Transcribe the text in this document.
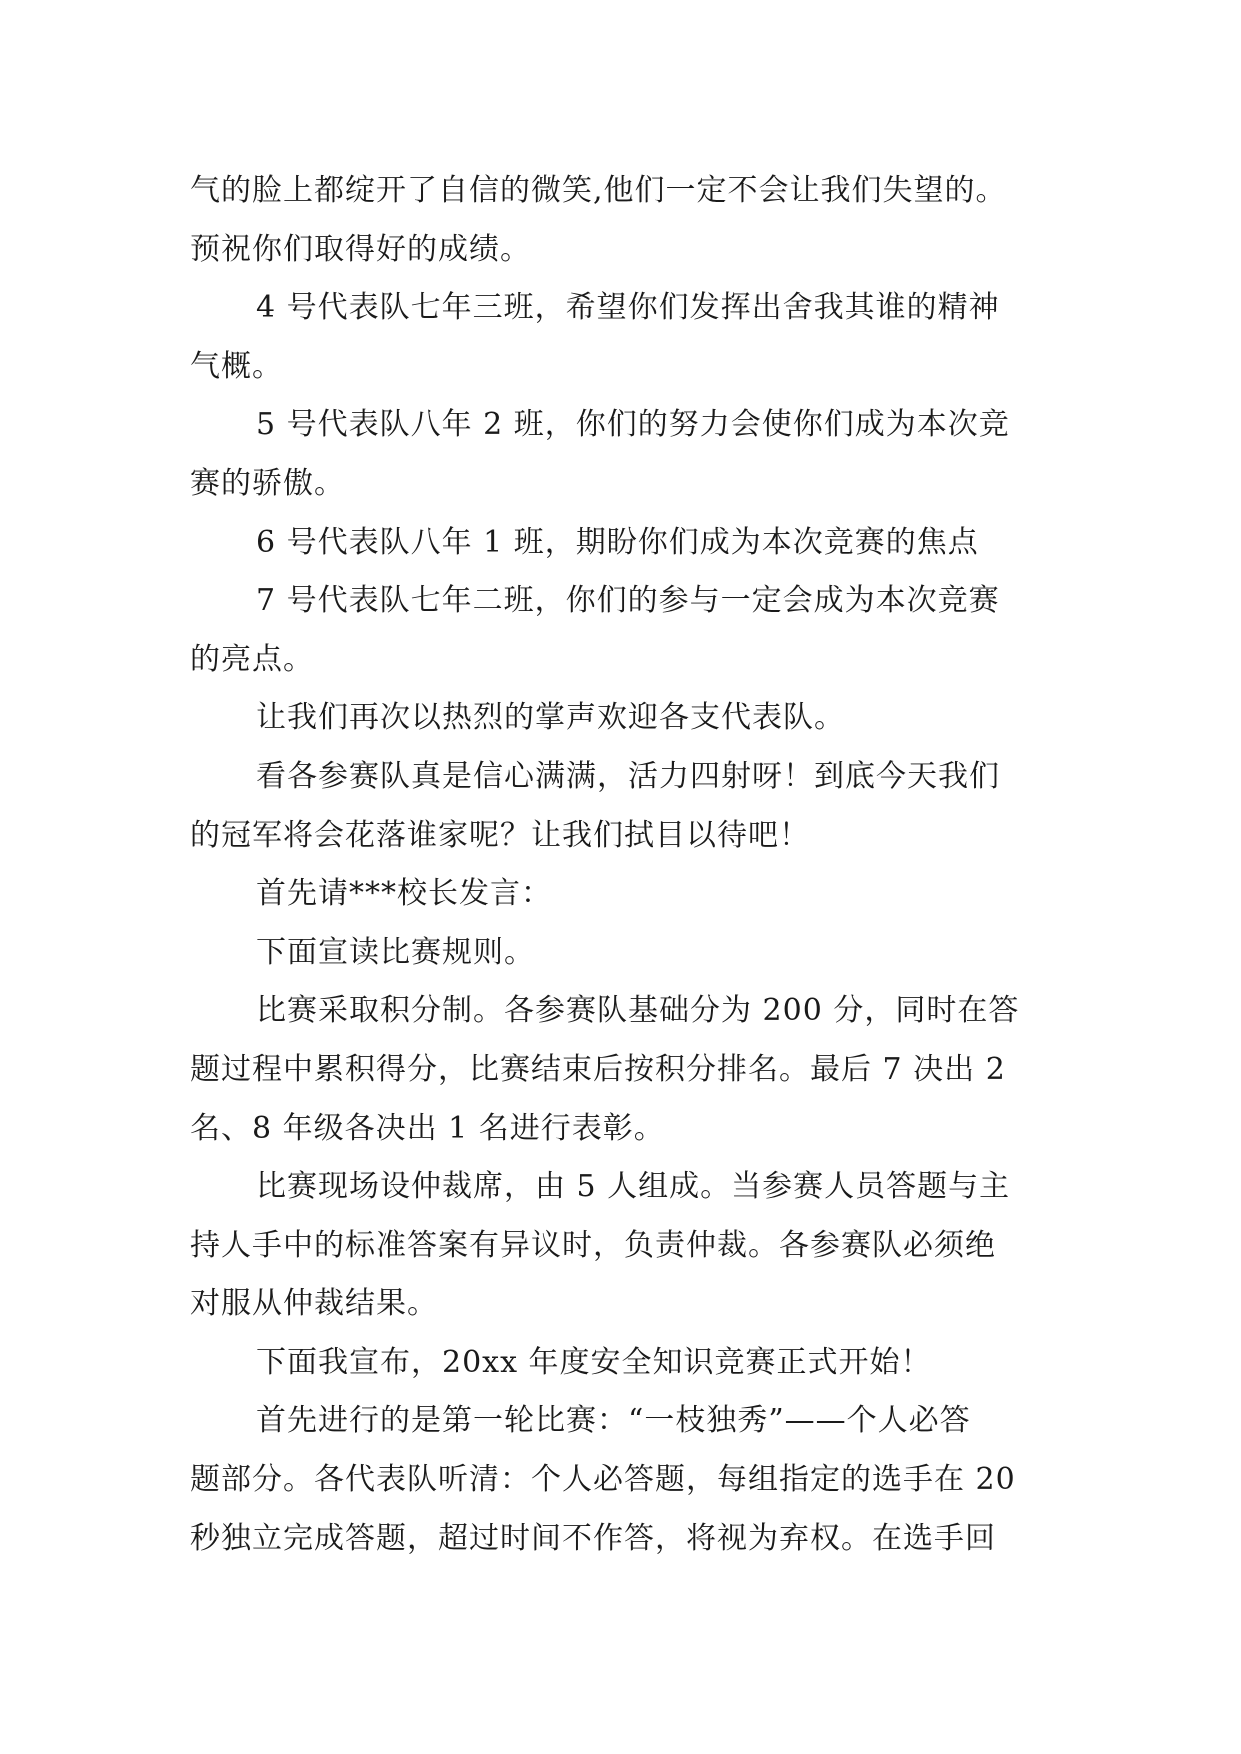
气的脸上都绽开了自信的微笑,他们一定不会让我们失望的。
预祝你们取得好的成绩。
4 号代表队七年三班，希望你们发挥出舍我其谁的精神
气概。
5 号代表队八年 2 班，你们的努力会使你们成为本次竞
赛的骄傲。
6 号代表队八年 1 班，期盼你们成为本次竞赛的焦点
7 号代表队七年二班，你们的参与一定会成为本次竞赛
的亮点。
让我们再次以热烈的掌声欢迎各支代表队。
看各参赛队真是信心满满，活力四射呀！到底今天我们
的冠军将会花落谁家呢？让我们拭目以待吧！
首先请***校长发言：
下面宣读比赛规则。
比赛采取积分制。各参赛队基础分为 200 分，同时在答
题过程中累积得分，比赛结束后按积分排名。最后 7 决出 2
名、8 年级各决出 1 名进行表彰。
比赛现场设仲裁席，由 5 人组成。当参赛人员答题与主
持人手中的标准答案有异议时，负责仲裁。各参赛队必须绝
对服从仲裁结果。
下面我宣布，20xx 年度安全知识竞赛正式开始！
首先进行的是第一轮比赛：“一枝独秀”——个人必答
题部分。各代表队听清：个人必答题，每组指定的选手在 20
秒独立完成答题，超过时间不作答，将视为弃权。在选手回
